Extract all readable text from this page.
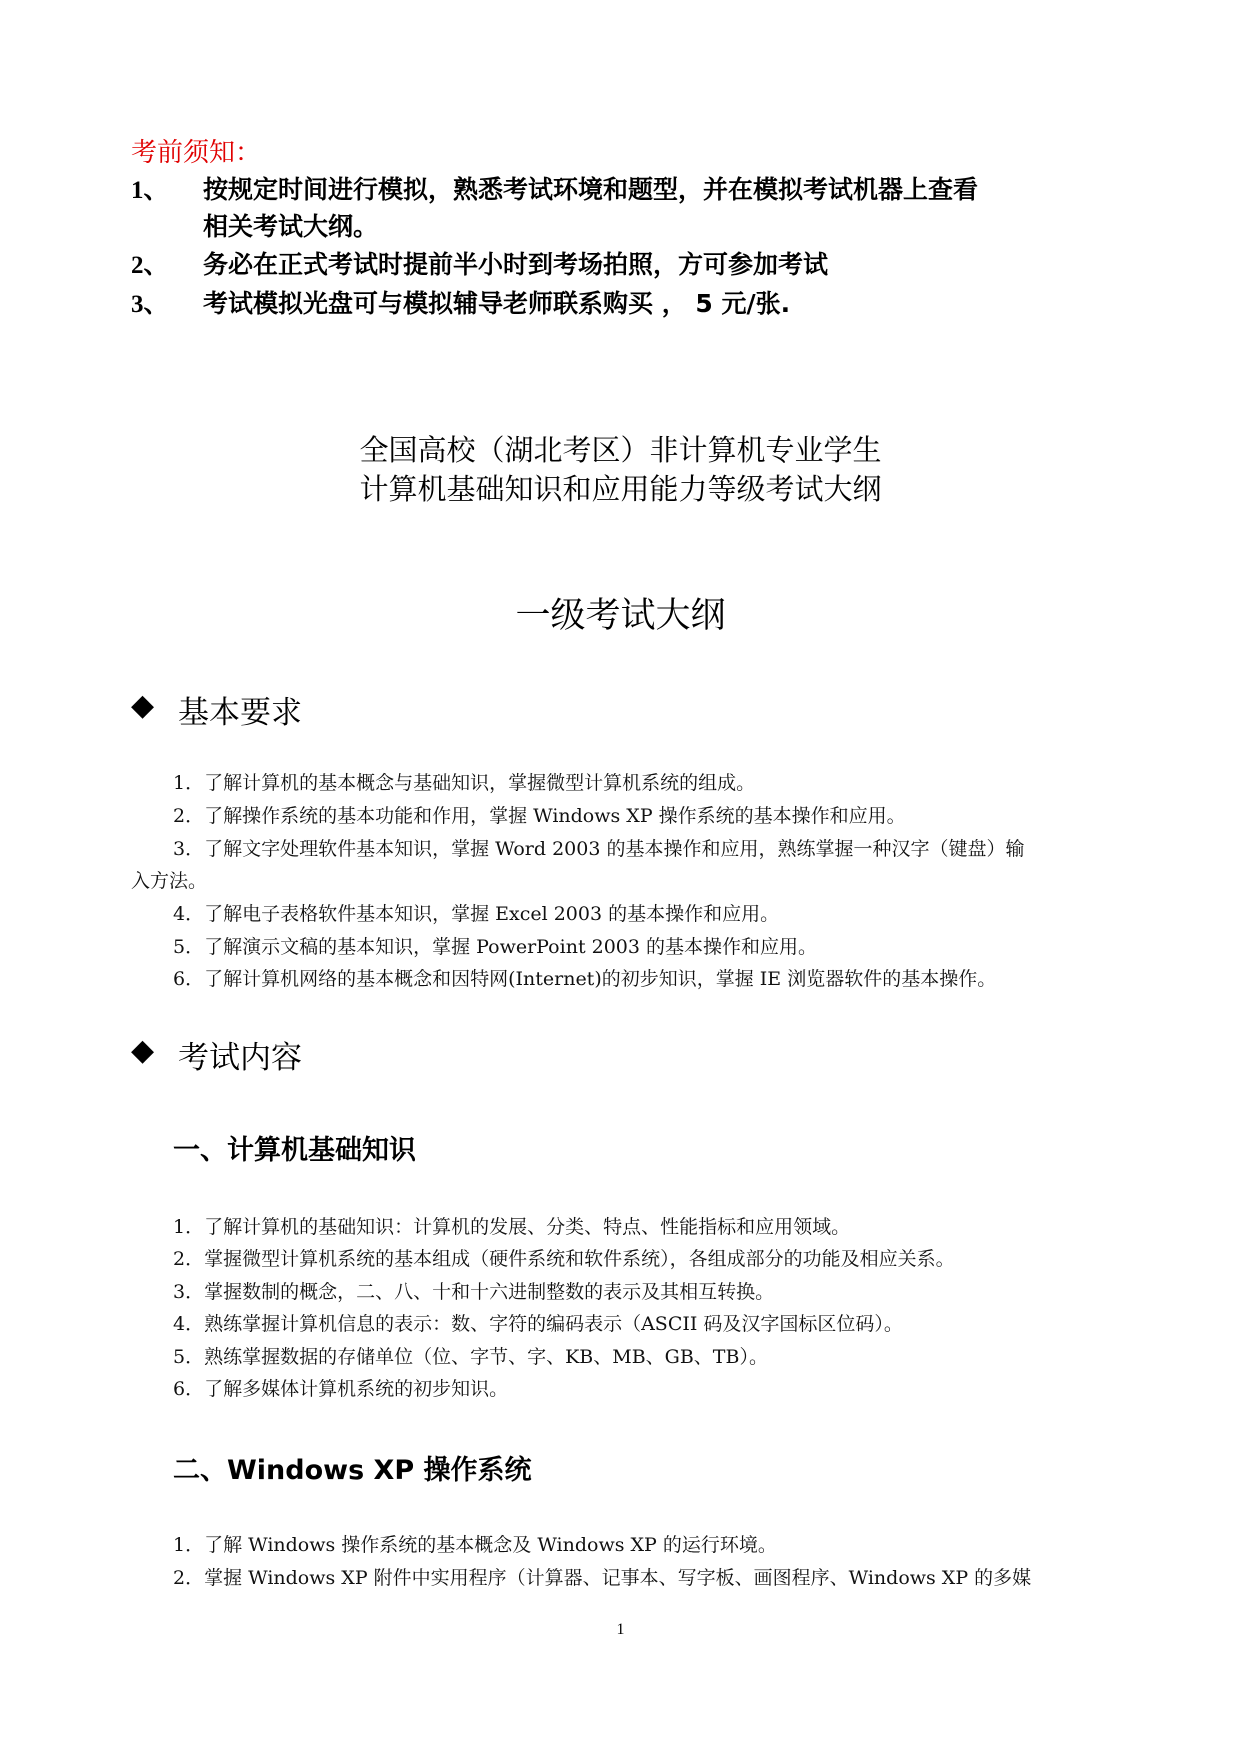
考前须知：
1、 按规定时间进行模拟，熟悉考试环境和题型，并在模拟考试机器上查看
相关考试大纲。
2、 务必在正式考试时提前半小时到考场拍照，方可参加考试
3、 考试模拟光盘可与模拟辅导老师联系购买 ， 5 元/张.
全国高校（湖北考区）非计算机专业学生
计算机基础知识和应用能力等级考试大纲
一级考试大纲
◆ 基本要求
1．了解计算机的基本概念与基础知识，掌握微型计算机系统的组成。
2．了解操作系统的基本功能和作用，掌握 Windows XP 操作系统的基本操作和应用。
3．了解文字处理软件基本知识，掌握 Word 2003 的基本操作和应用，熟练掌握一种汉字（键盘）输
入方法。
4．了解电子表格软件基本知识，掌握 Excel 2003 的基本操作和应用。
5．了解演示文稿的基本知识，掌握 PowerPoint 2003 的基本操作和应用。
6．了解计算机网络的基本概念和因特网(Internet)的初步知识，掌握 IE 浏览器软件的基本操作。
◆ 考试内容
一、计算机基础知识
1．了解计算机的基础知识：计算机的发展、分类、特点、性能指标和应用领域。
2．掌握微型计算机系统的基本组成（硬件系统和软件系统），各组成部分的功能及相应关系。
3．掌握数制的概念，二、八、十和十六进制整数的表示及其相互转换。
4．熟练掌握计算机信息的表示：数、字符的编码表示（ASCII 码及汉字国标区位码）。
5．熟练掌握数据的存储单位（位、字节、字、KB、MB、GB、TB）。
6．了解多媒体计算机系统的初步知识。
二、Windows XP 操作系统
1．了解 Windows 操作系统的基本概念及 Windows XP 的运行环境。
2．掌握 Windows XP 附件中实用程序（计算器、记事本、写字板、画图程序、Windows XP 的多媒
1
